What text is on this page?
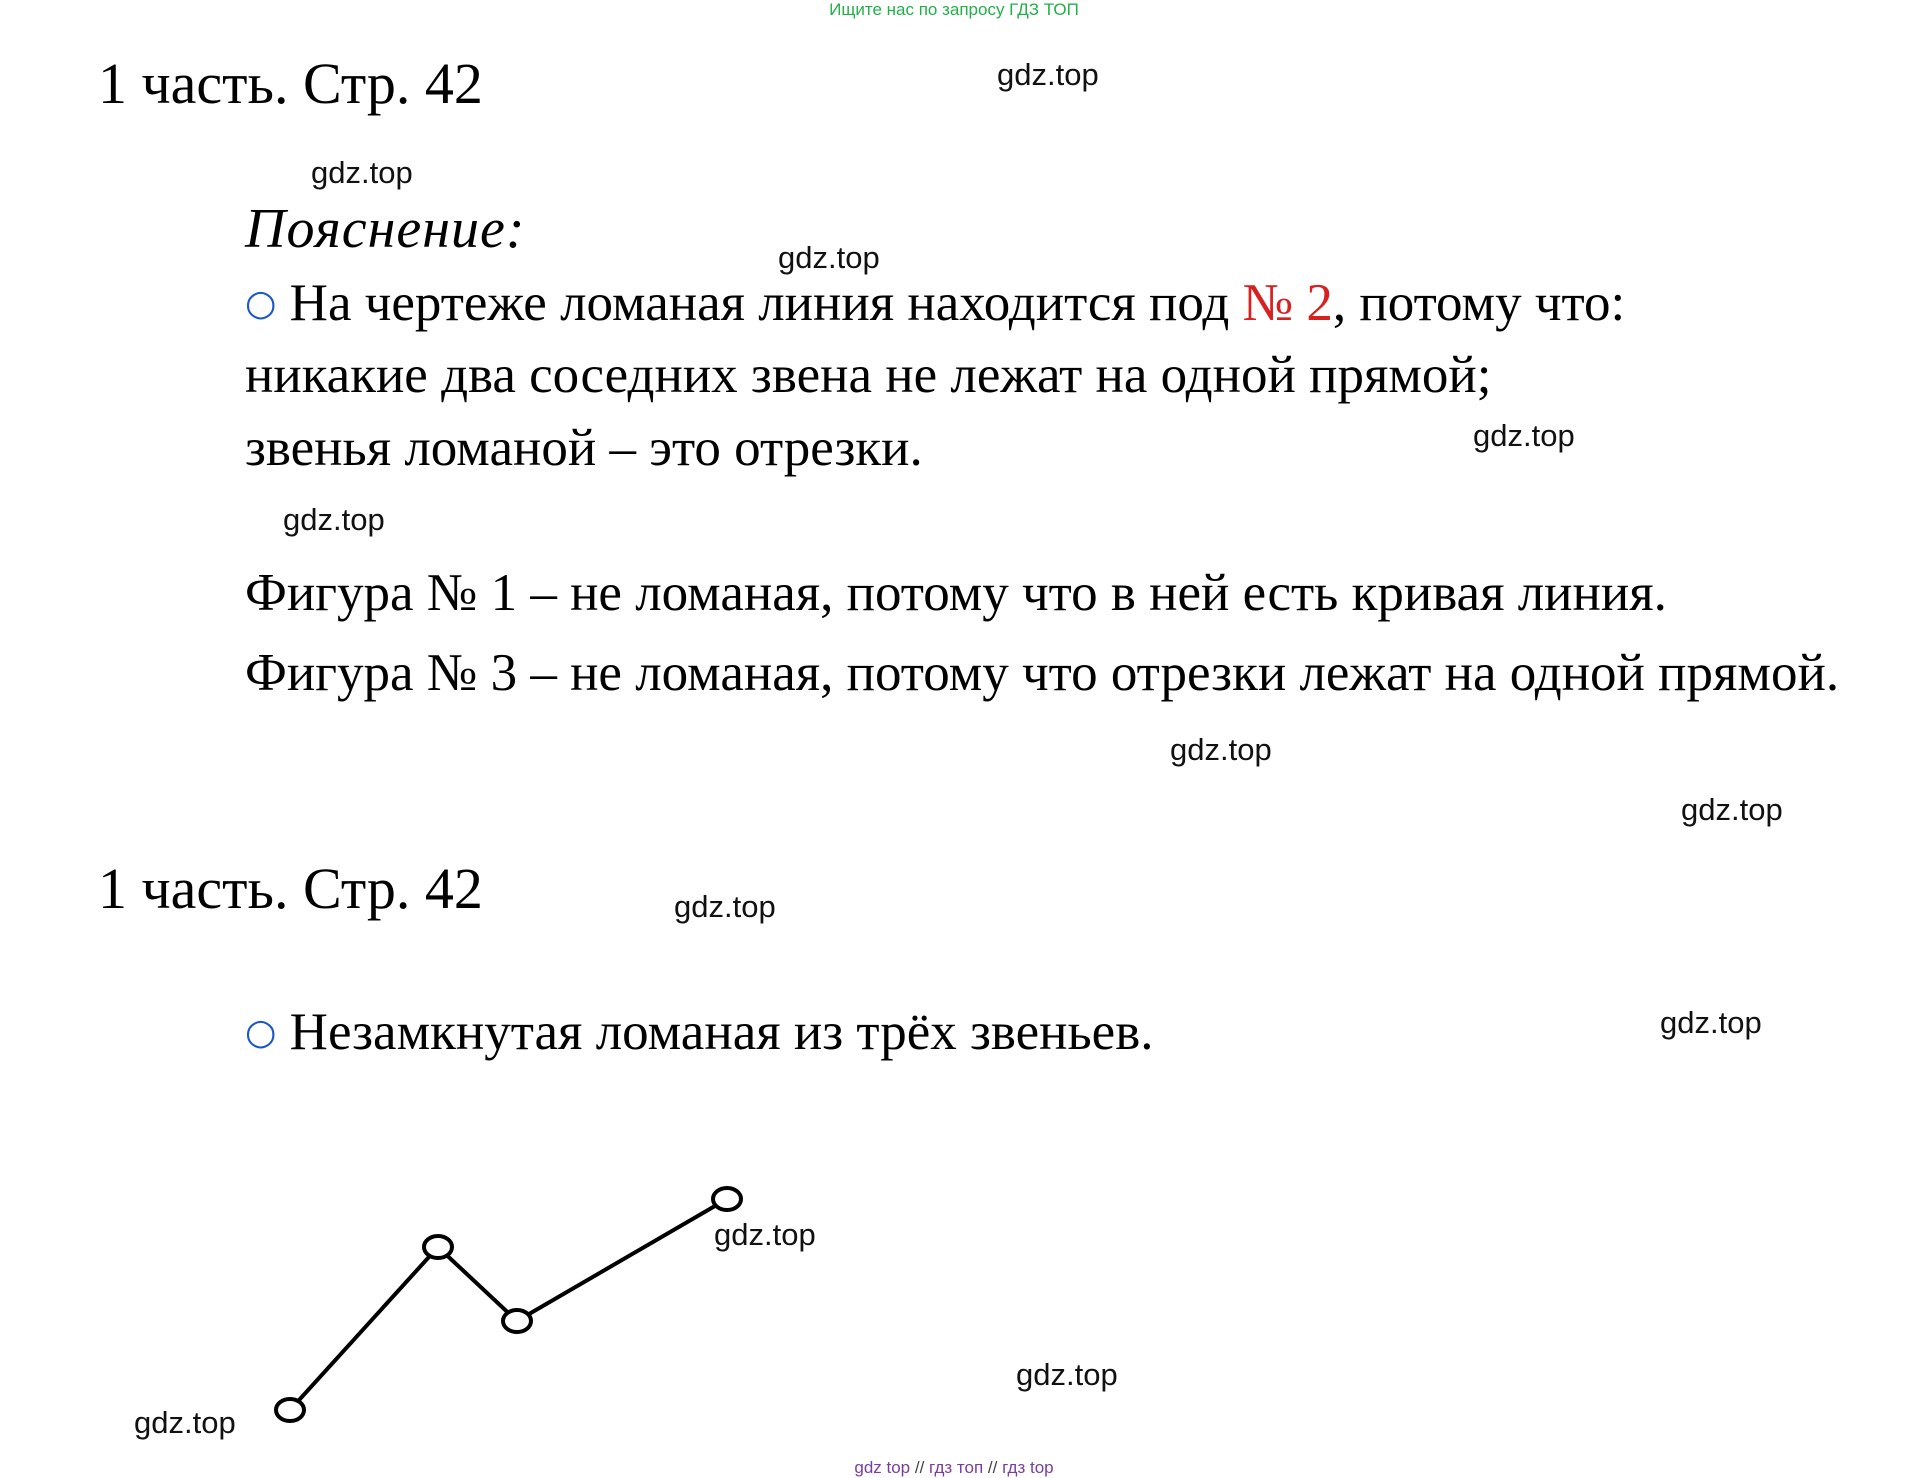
Ищите нас по запросу ГДЗ ТОП
1 часть. Стр. 42
Пояснение:
○ На чертеже ломаная линия находится под № 2, потому что:
никакие два соседних звена не лежат на одной прямой;
звенья ломаной – это отрезки.
Фигура № 1 – не ломаная, потому что в ней есть кривая линия.
Фигура № 3 – не ломаная, потому что отрезки лежат на одной прямой.
1 часть. Стр. 42
○ Незамкнутая ломаная из трёх звеньев.
gdz.top
gdz.top
gdz.top
gdz.top
gdz.top
gdz.top
gdz.top
gdz.top
gdz.top
gdz.top
gdz.top
gdz.top
gdz top // гдз топ // гдз top
